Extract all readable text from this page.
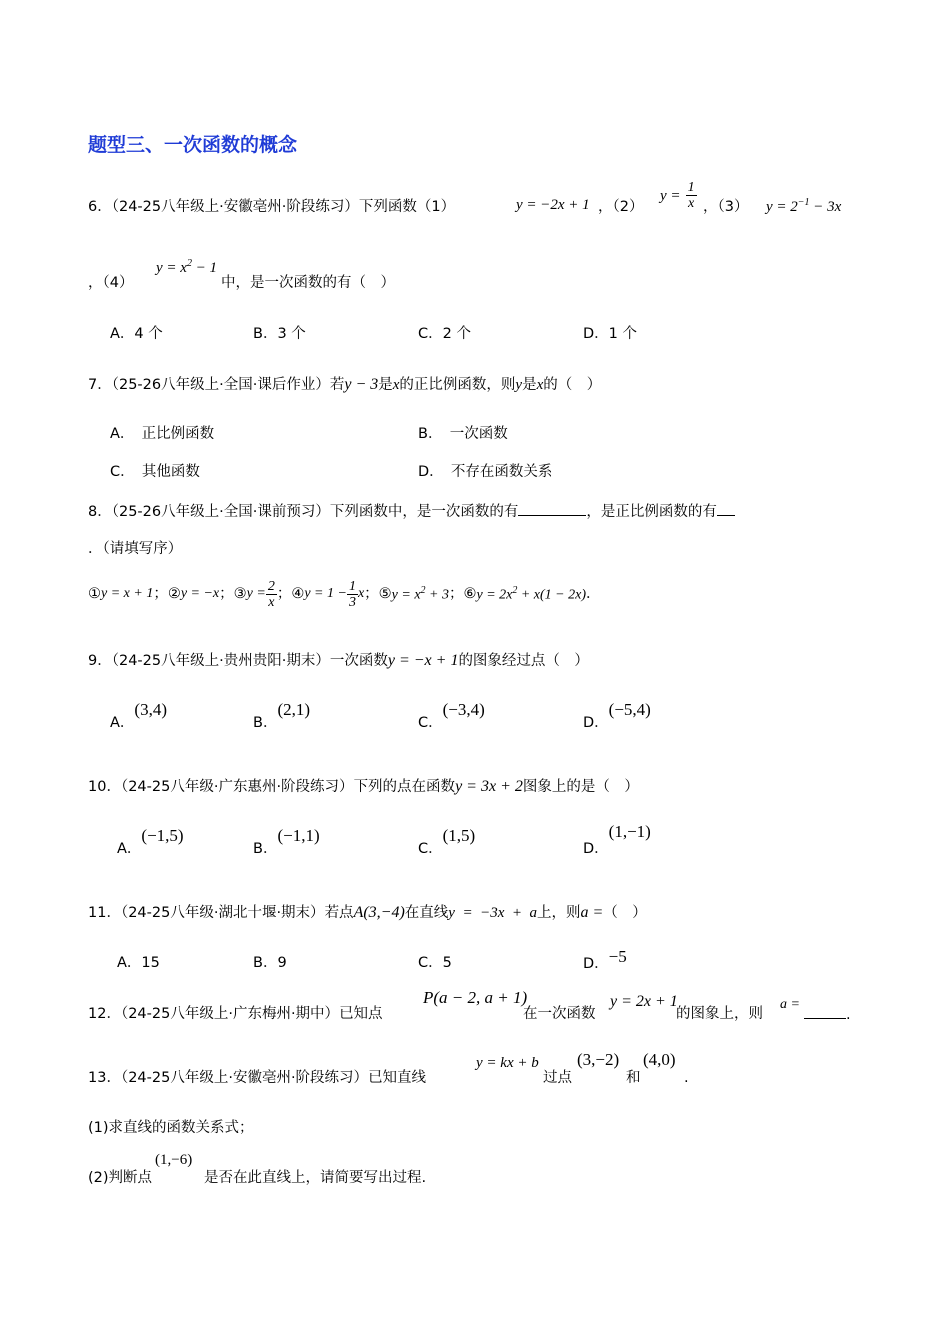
题型三、一次函数的概念
6．（24-25八年级上·安徽亳州·阶段练习）下列函数（1）	y = −2x + 1 ，（2）
$y = \frac{1}{x}$ ，（3） $y = 2^{-1} - 3x$
，（4）
$y = x^2 - 1$
中，是一次函数的有（　）
A．4 个	B．3 个	C．2 个	D．1 个
7．（25-26八年级上·全国·课后作业）若y − 3是x的正比例函数，则y是x的（　）
A．　正比例函数	B．　一次函数
C．　其他函数	D．　不存在函数关系
8．（25-26八年级上·全国·课前预习）下列函数中，是一次函数的有	，是正比例函数的有
．（请填写序）
① y = x + 1 ； ② y = −x ； ③ $y = \frac{2}{x}$ ； ④ $y = 1 - \frac{1}{3}$ x ； ⑤ $y = x^2 + 3$ ； ⑥ $y = 2x^2 + x(1 - 2x)$ ．
9．（24-25八年级上·贵州贵阳·期末）一次函数y = −x + 1的图象经过点（　）
A．(3,4)
B．(2,1)
C．(−3,4)
D．(−5,4)
10．（24-25八年级·广东惠州·阶段练习）下列的点在函数y = 3x + 2图象上的是（　）
A．(−1,5)
B．(−1,1)
C．(1,5)
D．(1,−1)
11．（24-25八年级·湖北十堰·期末）若点A(3,−4)在直线y  =  −3x  +  a上，则a =（　）
A．15	B．9	C．5	D．−5
12．（24-25八年级上·广东梅州·期中）已知点
P(a − 2, a + 1)
在一次函数
y = 2x + 1
的图象上，则
a =
.
13．（24-25八年级上·安徽亳州·阶段练习）已知直线
y = kx + b
过点
(3,−2)
和
(4,0)
.
(1)求直线的函数关系式；
(2)判断点
(1,−6)
是否在此直线上，请简要写出过程.
